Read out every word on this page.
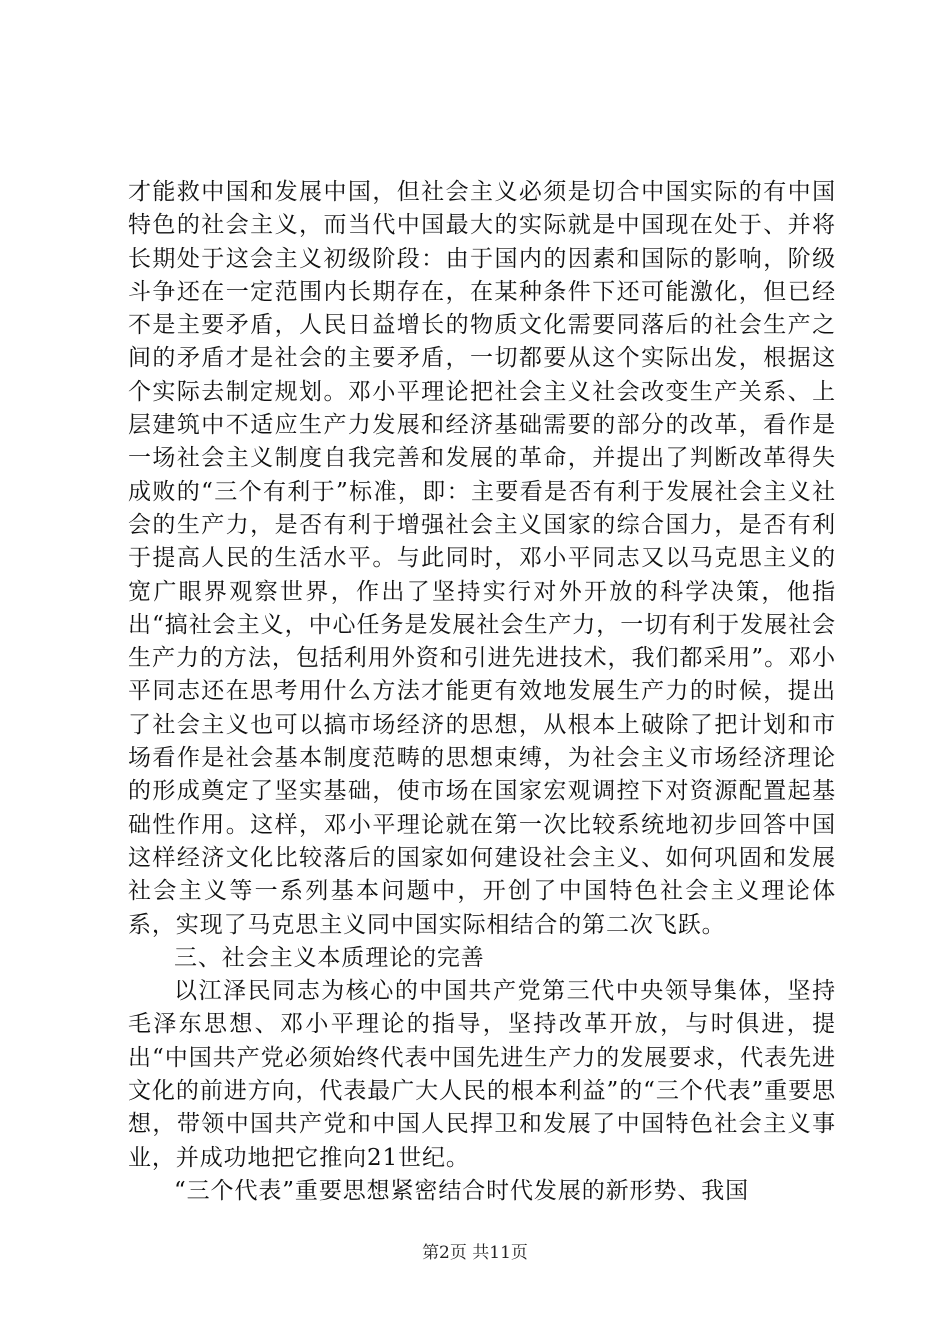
才能救中国和发展中国，但社会主义必须是切合中国实际的有中国特色的社会主义，而当代中国最大的实际就是中国现在处于、并将长期处于这会主义初级阶段：由于国内的因素和国际的影响，阶级斗争还在一定范围内长期存在，在某种条件下还可能激化，但已经不是主要矛盾，人民日益增长的物质文化需要同落后的社会生产之间的矛盾才是社会的主要矛盾，一切都要从这个实际出发，根据这个实际去制定规划。邓小平理论把社会主义社会改变生产关系、上层建筑中不适应生产力发展和经济基础需要的部分的改革，看作是一场社会主义制度自我完善和发展的革命，并提出了判断改革得失成败的“三个有利于”标准，即：主要看是否有利于发展社会主义社会的生产力，是否有利于增强社会主义国家的综合国力，是否有利于提高人民的生活水平。与此同时，邓小平同志又以马克思主义的宽广眼界观察世界，作出了坚持实行对外开放的科学决策，他指出“搞社会主义，中心任务是发展社会生产力，一切有利于发展社会生产力的方法，包括利用外资和引进先进技术，我们都采用”。邓小平同志还在思考用什么方法才能更有效地发展生产力的时候，提出了社会主义也可以搞市场经济的思想，从根本上破除了把计划和市场看作是社会基本制度范畴的思想束缚，为社会主义市场经济理论的形成奠定了坚实基础，使市场在国家宏观调控下对资源配置起基础性作用。这样，邓小平理论就在第一次比较系统地初步回答中国这样经济文化比较落后的国家如何建设社会主义、如何巩固和发展社会主义等一系列基本问题中，开创了中国特色社会主义理论体系，实现了马克思主义同中国实际相结合的第二次飞跃。

三、社会主义本质理论的完善

以江泽民同志为核心的中国共产党第三代中央领导集体，坚持毛泽东思想、邓小平理论的指导，坚持改革开放，与时俱进，提出“中国共产党必须始终代表中国先进生产力的发展要求，代表先进文化的前进方向，代表最广大人民的根本利益”的“三个代表”重要思想，带领中国共产党和中国人民捍卫和发展了中国特色社会主义事业，并成功地把它推向21世纪。

“三个代表”重要思想紧密结合时代发展的新形势、我国

第2页 共11页
